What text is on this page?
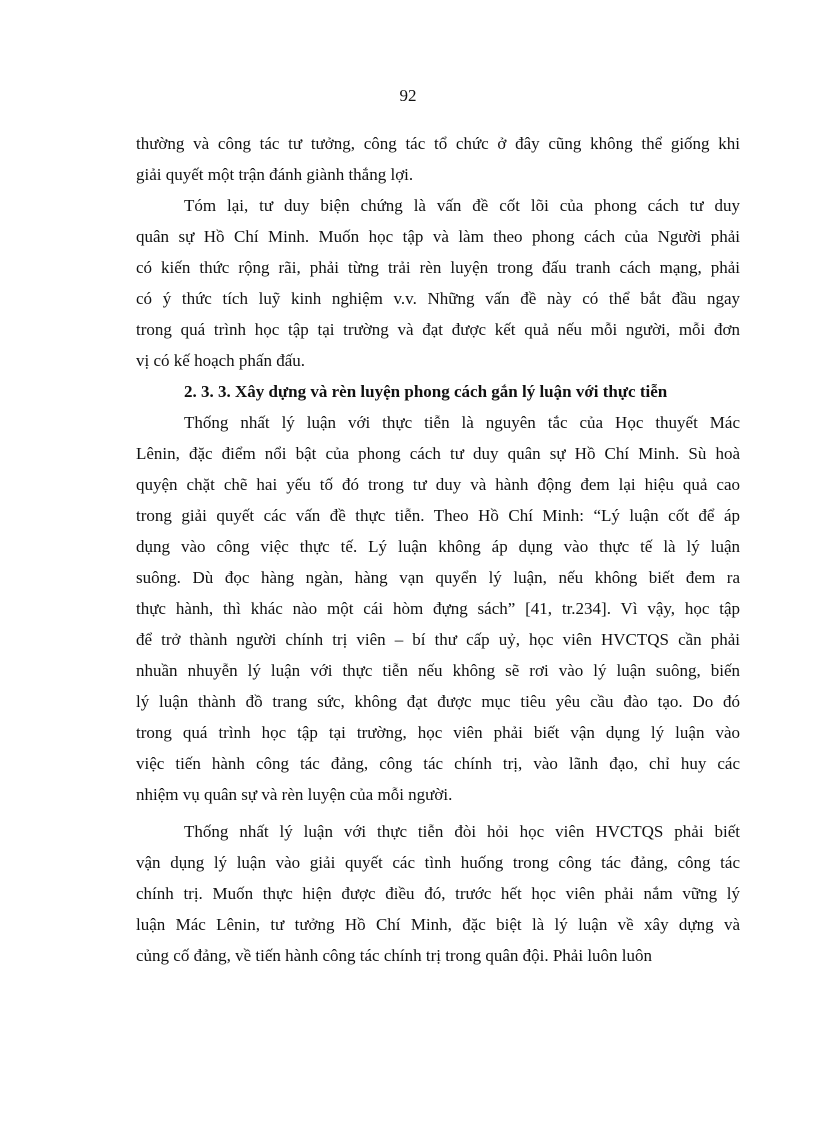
92
thường và công tác tư tưởng, công tác tổ chức ở đây cũng không thể giống khi
giải quyết một trận đánh giành thắng lợi.
Tóm lại, tư duy biện chứng là vấn đề cốt lõi của phong cách tư duy
quân sự Hồ Chí Minh. Muốn học tập và làm theo phong cách của Người phải
có kiến thức rộng rãi, phải từng trải rèn luyện trong đấu tranh cách mạng, phải
có ý thức tích luỹ kinh nghiệm v.v. Những vấn đề này có thể bắt đầu ngay
trong quá trình học tập tại trường và đạt được kết quả nếu mỗi người, mỗi đơn
vị có kế hoạch phấn đấu.
2. 3. 3. Xây dựng và rèn luyện phong cách gắn lý luận với thực tiễn
Thống nhất lý luận với thực tiễn là nguyên tắc của Học thuyết Mác
Lênin, đặc điểm nổi bật của phong cách tư duy quân sự Hồ Chí Minh. Sù hoà
quyện chặt chẽ hai yếu tố đó trong tư duy và hành động đem lại hiệu quả cao
trong giải quyết các vấn đề thực tiễn. Theo Hồ Chí Minh: “Lý luận cốt để áp
dụng vào công việc thực tế. Lý luận không áp dụng vào thực tế là lý luận
suông. Dù đọc hàng ngàn, hàng vạn quyển lý luận, nếu không biết đem ra
thực hành, thì khác nào một cái hòm đựng sách” [41, tr.234]. Vì vậy, học tập
để trở thành người chính trị viên – bí thư cấp uỷ, học viên HVCTQS cần phải
nhuần nhuyễn lý luận với thực tiễn nếu không sẽ rơi vào lý luận suông, biến
lý luận thành đồ trang sức, không đạt được mục tiêu yêu cầu đào tạo. Do đó
trong quá trình học tập tại trường, học viên phải biết vận dụng lý luận vào
việc tiến hành công tác đảng, công tác chính trị, vào lãnh đạo, chỉ huy các
nhiệm vụ quân sự và rèn luyện của mỗi người.
Thống nhất lý luận với thực tiễn đòi hỏi học viên HVCTQS phải biết
vận dụng lý luận vào giải quyết các tình huống trong công tác đảng, công tác
chính trị. Muốn thực hiện được điều đó, trước hết học viên phải nắm vững lý
luận Mác Lênin, tư tưởng Hồ Chí Minh, đặc biệt là lý luận về xây dựng và
củng cố đảng, về tiến hành công tác chính trị trong quân đội. Phải luôn luôn
